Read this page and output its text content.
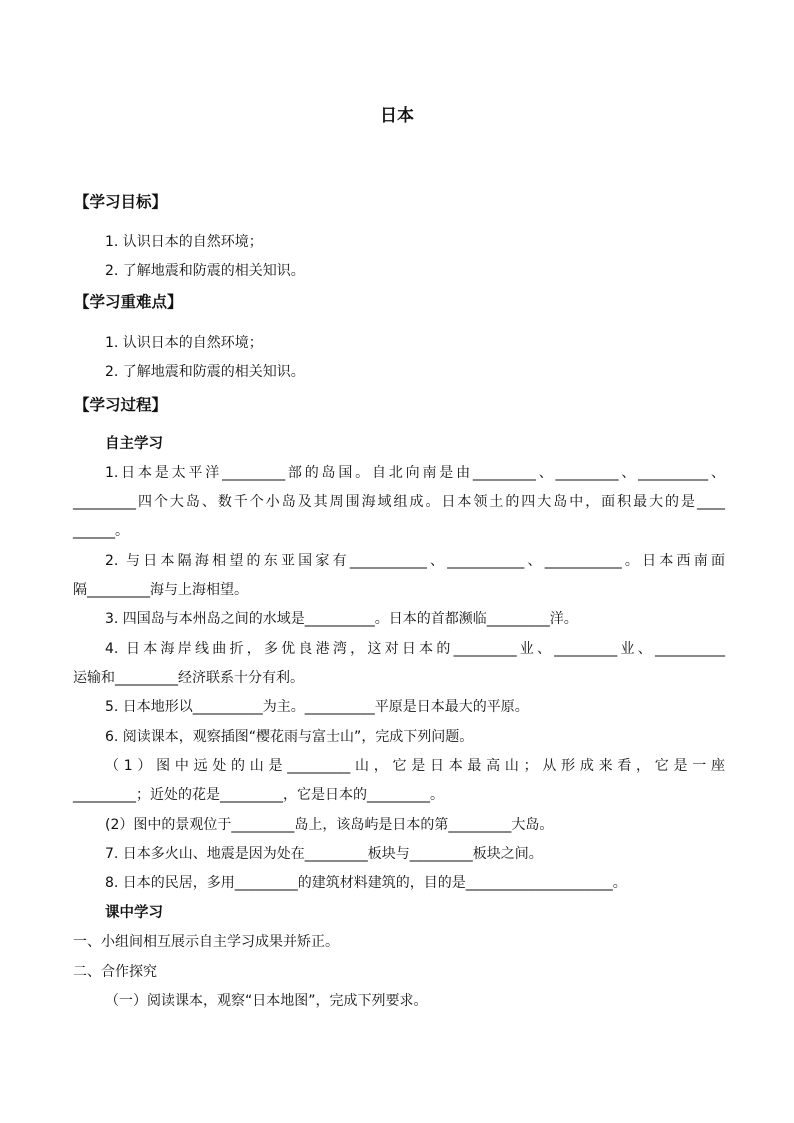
日本
【学习目标】
1. 认识日本的自然环境；
2. 了解地震和防震的相关知识。
【学习重难点】
1. 认识日本的自然环境；
2. 了解地震和防震的相关知识。
【学习过程】
自主学习
1.日本是太平洋_________部的岛国。自北向南是由_________、_________、__________、
_________四个大岛、数千个小岛及其周围海域组成。日本领土的四大岛中，面积最大的是____
______。
2. 与日本隔海相望的东亚国家有___________、___________、___________。日本西南面
隔_________海与上海相望。
3. 四国岛与本州岛之间的水域是__________。日本的首都濒临_________洋。
4. 日本海岸线曲折，多优良港湾，这对日本的_________业、_________业、__________
运输和_________经济联系十分有利。
5. 日本地形以__________为主。__________平原是日本最大的平原。
6. 阅读课本，观察插图“樱花雨与富士山”，完成下列问题。
（1）图中远处的山是_________山，它是日本最高山；从形成来看，它是一座
_________；近处的花是_________，它是日本的_________。
(2）图中的景观位于_________岛上，该岛屿是日本的第_________大岛。
7. 日本多火山、地震是因为处在_________板块与_________板块之间。
8. 日本的民居，多用_________的建筑材料建筑的，目的是_____________________。
课中学习
一、小组间相互展示自主学习成果并矫正。
二、合作探究
（一）阅读课本，观察“日本地图”，完成下列要求。
